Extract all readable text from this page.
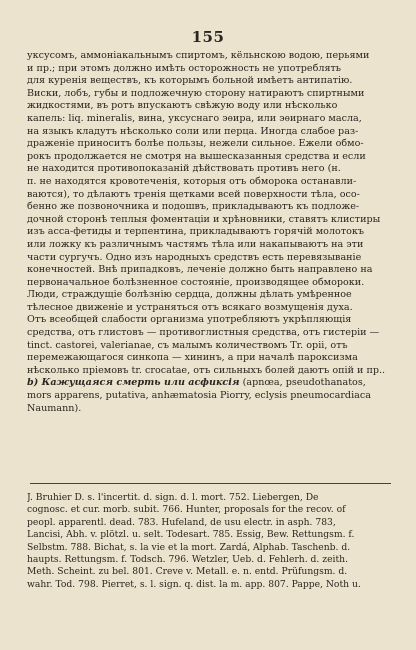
155

уксусомъ, аммоніакальнымъ спиртомъ, кёльнскою водою, перьями
и пр.; при этомъ должно имѣть осторожность не употреблять
для куренія веществъ, къ которымъ больной имѣетъ антипатію.
Виски, лобъ, губы и подложечную сторону натираютъ спиртными
жидкостями, въ ротъ впускаютъ свѣжую воду или нѣсколько
капель: liq. mineralis, вина, уксуснаго эѳира, или эѳирнаго масла,
на языкъ кладутъ нѣсколько соли или перца. Иногда слабое раз-
драженіе приноситъ болѣе пользы, нежели сильное. Ежели обмо-
рокъ продолжается не смотря на вышесказанныя средства и если
не находится противопоказаній дѣйствовать противъ него (н.
п. не находятся кровотеченія, которыя отъ обморока останавли-
ваются), то дѣлаютъ тренія щетками всей поверхности тѣла, осо-
бенно же позвоночника и подошвъ, прикладываютъ къ подложе-
дочной сторонѣ теплыя фоментаціи и хрѣновники, ставятъ клистиры
изъ асса-фетиды и терпентина, прикладываютъ горячій молотокъ
или ложку къ различнымъ частямъ тѣла или накапываютъ на эти
части сургучъ. Одно изъ народныхъ средствъ есть перевязываніе
конечностей. Внѣ припадковъ, леченіе должно быть направлено на
первоначальное болѣзненное состояніе, производящее обмороки.
Люди, страждущіе болѣзнію сердца, должны дѣлать умѣренное
тѣлесное движеніе и устраняться отъ всякаго возмущенія духа.
Отъ всеобщей слабости организма употребляютъ укрѣпляющія
средства, отъ глистовъ — противоглистныя средства, отъ гистеріи —
tinct. castorei, valerianae, съ малымъ количествомъ Tr. opii, отъ
перемежающагося синкопа — хининъ, а при началѣ пароксизма
нѣсколько пріемовъ tr. crocatae, отъ сильныхъ болей даютъ опій и пр..

b) Кажущаяся смерть или асфиксія (apnœa, pseudothanatos,
mors apparens, putativa, anhæmatosia Piorry, eclysis pneumocardiaca
Naumann).

J. Bruhier D. s. l'incertit. d. sign. d. l. mort. 752. Liebergen, De
cognosc. et cur. morb. subit. 766. Hunter, proposals for the recov. of
peopl. apparentl. dead. 783. Hufeland, de usu electr. in asph. 783,
Lancisi, Abh. v. plötzl. u. selt. Todesart. 785. Essig, Bew. Rettungsm. f.
Selbstm. 788. Bichat, s. la vie et la mort. Zardá, Alphab. Taschenb. d.
haupts. Rettungsm. f. Todsch. 796. Wetzler, Ueb. d. Fehlerh. d. zeith.
Meth. Scheint. zu bel. 801. Creve v. Metall. e. n. entd. Prüfungsm. d.
wahr. Tod. 798. Pierret, s. l. sign. q. dist. la m. app. 807. Pappe, Noth u.
